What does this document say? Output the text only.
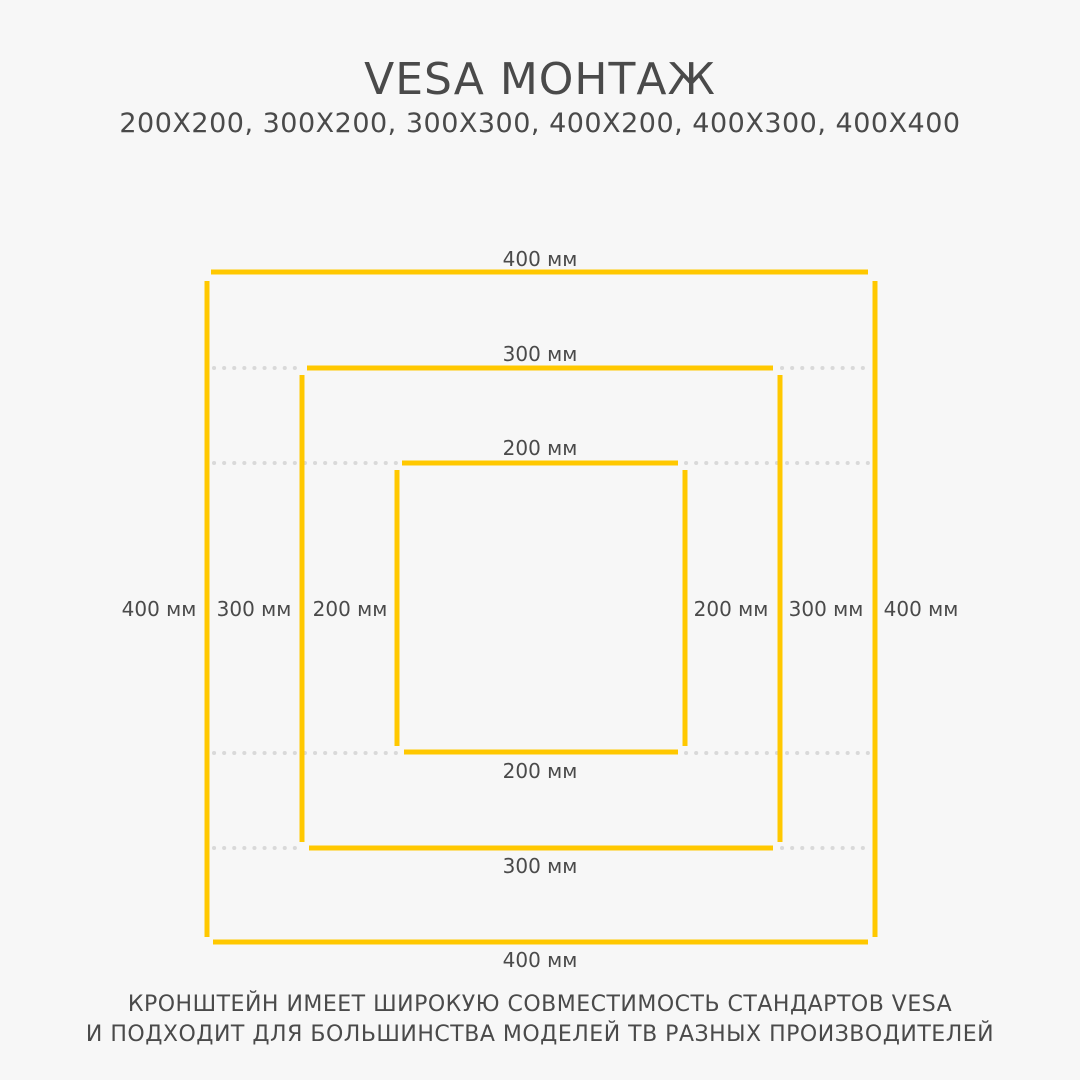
VESA МОНТАЖ
200X200, 300X200, 300X300, 400X200, 400X300, 400X400
400 мм
300 мм
200 мм
200 мм
300 мм
400 мм
400 мм 300 мм 200 мм	200 мм 300 мм 400 мм
КРОНШТЕЙН ИМЕЕТ ШИРОКУЮ СОВМЕСТИМОСТЬ СТАНДАРТОВ VESA
И ПОДХОДИТ ДЛЯ БОЛЬШИНСТВА МОДЕЛЕЙ ТВ РАЗНЫХ ПРОИЗВОДИТЕЛЕЙ
